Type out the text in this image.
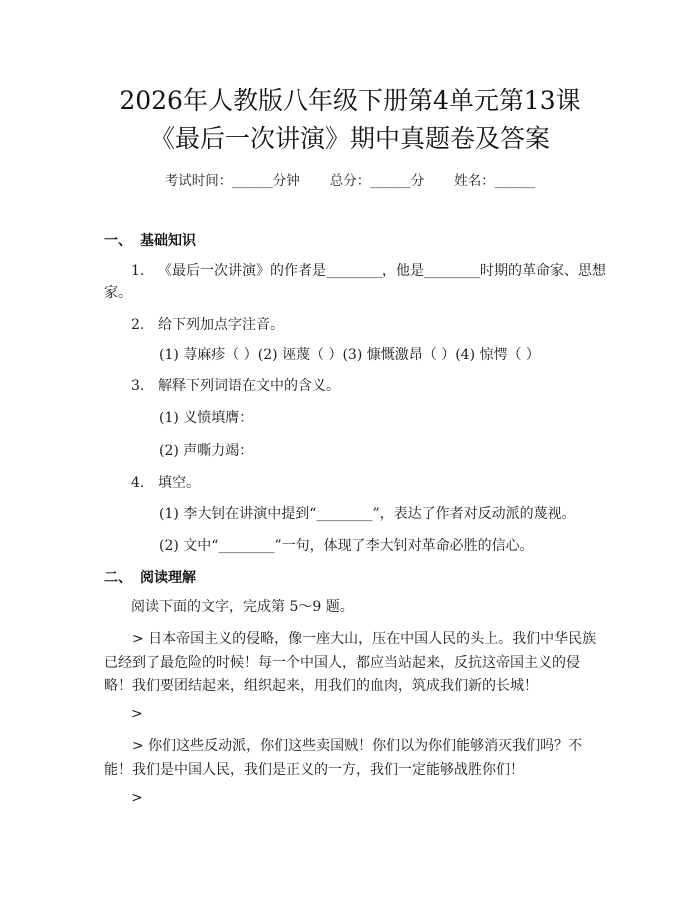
2026年人教版八年级下册第4单元第13课
《最后一次讲演》期中真题卷及答案
考试时间：______分钟 总分：______分 姓名：______
一、 基础知识
1. 《最后一次讲演》的作者是________，他是________时期的革命家、思想
家。
2. 给下列加点字注音。
(1) 荨麻疹（ ）(2) 诬蔑（ ）(3) 慷慨激昂（ ）(4) 惊愕（ ）
3. 解释下列词语在文中的含义。
(1) 义愤填膺：
(2) 声嘶力竭：
4. 填空。
(1) 李大钊在讲演中提到“________”，表达了作者对反动派的蔑视。
(2) 文中“________”一句，体现了李大钊对革命必胜的信心。
二、 阅读理解
阅读下面的文字，完成第 5～9 题。
> 日本帝国主义的侵略，像一座大山，压在中国人民的头上。我们中华民族已经到了最危险的时候！每一个中国人，都应当站起来，反抗这帝国主义的侵略！我们要团结起来，组织起来，用我们的血肉，筑成我们新的长城！
>
> 你们这些反动派，你们这些卖国贼！你们以为你们能够消灭我们吗？不能！我们是中国人民，我们是正义的一方，我们一定能够战胜你们！
>
